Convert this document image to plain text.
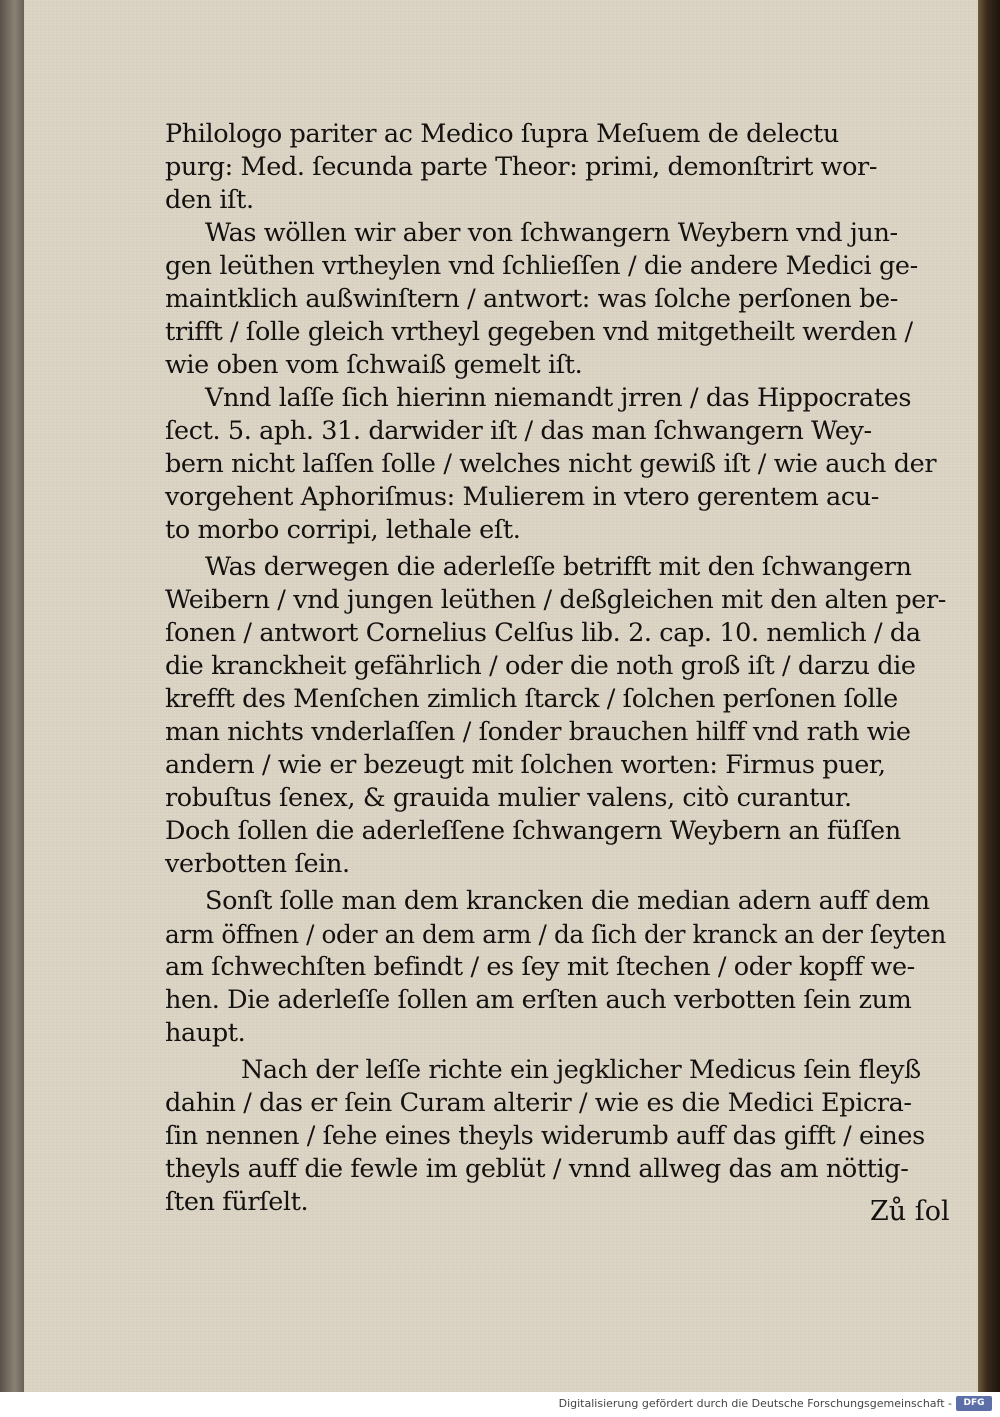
Philologo pariter ac Medico ſupra Meſuem de delectu
purg: Med. ſecunda parte Theor: primi, demonſtrirt wor-
den iſt.
Was wöllen wir aber von ſchwangern Weybern vnd jun-
gen leüthen vrtheylen vnd ſchlieſſen / die andere Medici ge-
maintklich außwinſtern / antwort: was ſolche perſonen be-
trifft / ſolle gleich vrtheyl gegeben vnd mitgetheilt werden /
wie oben vom ſchwaiß gemelt iſt.
Vnnd laſſe ſich hierinn niemandt jrren / das Hippocrates
ſect. 5. aph. 31. darwider iſt / das man ſchwangern Wey-
bern nicht laſſen ſolle / welches nicht gewiß iſt / wie auch der
vorgehent Aphoriſmus: Mulierem in vtero gerentem acu-
to morbo corripi, lethale eſt.
Was derwegen die aderleſſe betrifft mit den ſchwangern
Weibern / vnd jungen leüthen / deßgleichen mit den alten per-
ſonen / antwort Cornelius Celſus lib. 2. cap. 10. nemlich / da
die kranckheit gefährlich / oder die noth groß iſt / darzu die
krefft des Menſchen zimlich ſtarck / ſolchen perſonen ſolle
man nichts vnderlaſſen / ſonder brauchen hilff vnd rath wie
andern / wie er bezeugt mit ſolchen worten: Firmus puer,
robuſtus ſenex, & grauida mulier valens, citò curantur.
Doch ſollen die aderleſſene ſchwangern Weybern an füſſen
verbotten ſein.
Sonſt ſolle man dem krancken die median adern auff dem
arm öffnen / oder an dem arm / da ſich der kranck an der ſeyten
am ſchwechſten befindt / es ſey mit ſtechen / oder kopff we-
hen. Die aderleſſe ſollen am erſten auch verbotten ſein zum
haupt.
Nach der leſſe richte ein jegklicher Medicus ſein fleyß
dahin / das er ſein Curam alterir / wie es die Medici Epicra-
ſin nennen / ſehe eines theyls widerumb auff das gifft / eines
theyls auff die fewle im geblüt / vnnd allweg das am nöttig-
ſten fürſelt.	Zů ſol
Digitalisierung gefördert durch die Deutsche Forschungsgemeinschaft -	DFG
